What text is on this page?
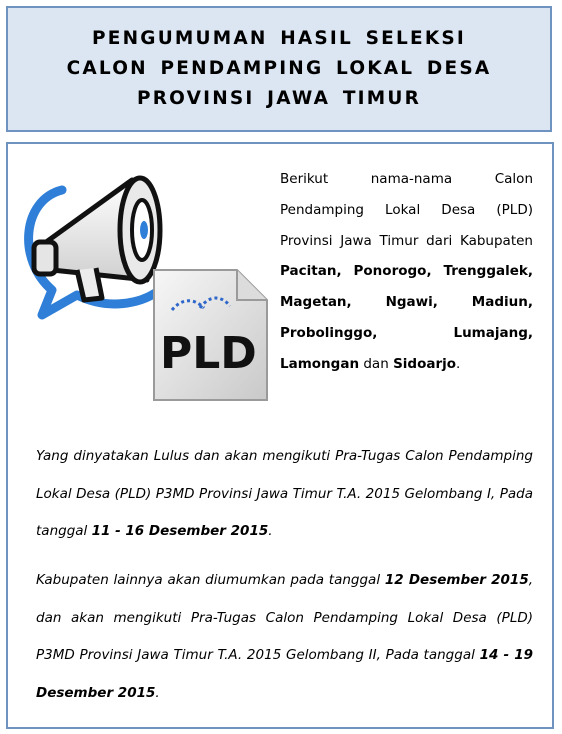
PENGUMUMAN HASIL SELEKSI
CALON PENDAMPING LOKAL DESA
PROVINSI JAWA TIMUR
PLD
Berikut nama-nama Calon Pendamping Lokal Desa (PLD) Provinsi Jawa Timur dari Kabupaten Pacitan, Ponorogo, Trenggalek, Magetan, Ngawi, Madiun, Probolinggo, Lumajang, Lamongan dan Sidoarjo.
Yang dinyatakan Lulus dan akan mengikuti Pra-Tugas Calon Pendamping Lokal Desa (PLD) P3MD Provinsi Jawa Timur T.A. 2015 Gelombang I, Pada tanggal 11 - 16 Desember 2015.
Kabupaten lainnya akan diumumkan pada tanggal 12 Desember 2015, dan akan mengikuti Pra-Tugas Calon Pendamping Lokal Desa (PLD) P3MD Provinsi Jawa Timur T.A. 2015 Gelombang II, Pada tanggal 14 - 19 Desember 2015.
